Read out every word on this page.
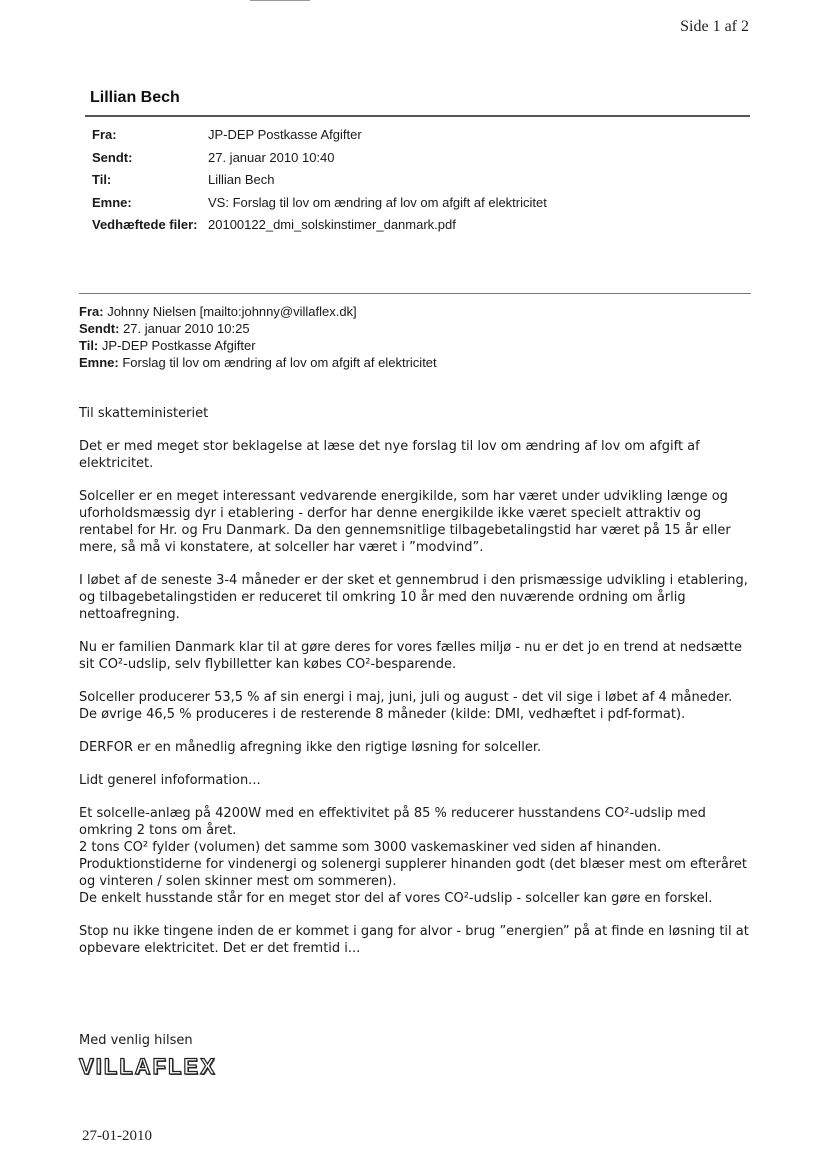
Side 1 af 2
Lillian Bech
Fra:	JP-DEP Postkasse Afgifter
Sendt:	27. januar 2010 10:40
Til:	Lillian Bech
Emne:	VS: Forslag til lov om ændring af lov om afgift af elektricitet
Vedhæftede filer: 20100122_dmi_solskinstimer_danmark.pdf
Fra: Johnny Nielsen [mailto:johnny@villaflex.dk]
Sendt: 27. januar 2010 10:25
Til: JP-DEP Postkasse Afgifter
Emne: Forslag til lov om ændring af lov om afgift af elektricitet

Til skatteministeriet

Det er med meget stor beklagelse at læse det nye forslag til lov om ændring af lov om afgift af elektricitet.

Solceller er en meget interessant vedvarende energikilde, som har været under udvikling længe og uforholdsmæssig dyr i etablering - derfor har denne energikilde ikke været specielt attraktiv og rentabel for Hr. og Fru Danmark. Da den gennemsnitlige tilbagebetalingstid har været på 15 år eller mere, så må vi konstatere, at solceller har været i ”modvind”.

I løbet af de seneste 3-4 måneder er der sket et gennembrud i den prismæssige udvikling i etablering, og tilbagebetalingstiden er reduceret til omkring 10 år med den nuværende ordning om årlig nettoafregning.

Nu er familien Danmark klar til at gøre deres for vores fælles miljø - nu er det jo en trend at nedsætte sit CO²-udslip, selv flybilletter kan købes CO²-besparende.

Solceller producerer 53,5 % af sin energi i maj, juni, juli og august - det vil sige i løbet af 4 måneder. De øvrige 46,5 % produceres i de resterende 8 måneder (kilde: DMI, vedhæftet i pdf-format).

DERFOR er en månedlig afregning ikke den rigtige løsning for solceller.

Lidt generel infoformation...

Et solcelle-anlæg på 4200W med en effektivitet på 85 % reducerer husstandens CO²-udslip med omkring 2 tons om året.

2 tons CO² fylder (volumen) det samme som 3000 vaskemaskiner ved siden af hinanden.

Produktionstiderne for vindenergi og solenergi supplerer hinanden godt (det blæser mest om efteråret og vinteren / solen skinner mest om sommeren).

De enkelt husstande står for en meget stor del af vores CO²-udslip - solceller kan gøre en forskel.

Stop nu ikke tingene inden de er kommet i gang for alvor - brug ”energien” på at finde en løsning til at opbevare elektricitet. Det er det fremtid i...

Med venlig hilsen
VILLAFLEX
27-01-2010
